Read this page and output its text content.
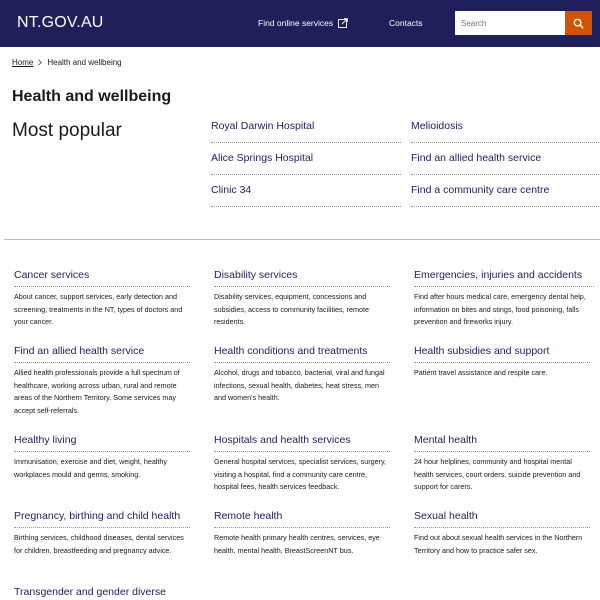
NT.GOV.AU	Find online services	Contacts
Search
Home Health and wellbeing
Health and wellbeing
Most popular	Royal Darwin Hospital	Melioidosis
Alice Springs Hospital	Find an allied health service
Clinic 34	Find a community care centre
Cancer services

About cancer, support services, early detection and screening, treatments in the NT, types of doctors and your cancer.

Disability services

Disability services, equipment, concessions and subsidies, access to community facilities, remote residents.

Emergencies, injuries and accidents

Find after hours medical care, emergency dental help, information on bites and stings, food poisoning, falls prevention and fireworks injury.

Find an allied health service

Allied health professionals provide a full spectrum of healthcare, working across urban, rural and remote areas of the Northern Territory. Some services may accept self-referrals.

Health conditions and treatments

Alcohol, drugs and tobacco, bacterial, viral and fungal infections, sexual health, diabetes, heat stress, men and women's health.

Health subsidies and support

Patient travel assistance and respite care.

Healthy living

Immunisation, exercise and diet, weight, healthy workplaces mould and germs, smoking.

Hospitals and health services

General hospital services, specialist services, surgery, visiting a hospital, find a community care centre, hospital fees, health services feedback.

Mental health

24 hour helplines, community and hospital mental health services, court orders, suicide prevention and support for carers.

Pregnancy, birthing and child health

Birthing services, childhood diseases, dental services for children, breastfeeding and pregnancy advice.

Remote health

Remote health primary health centres, services, eye health, mental health, BreastScreenNT bus.

Sexual health

Find out about sexual health services in the Northern Territory and how to practice safer sex.

Transgender and gender diverse
